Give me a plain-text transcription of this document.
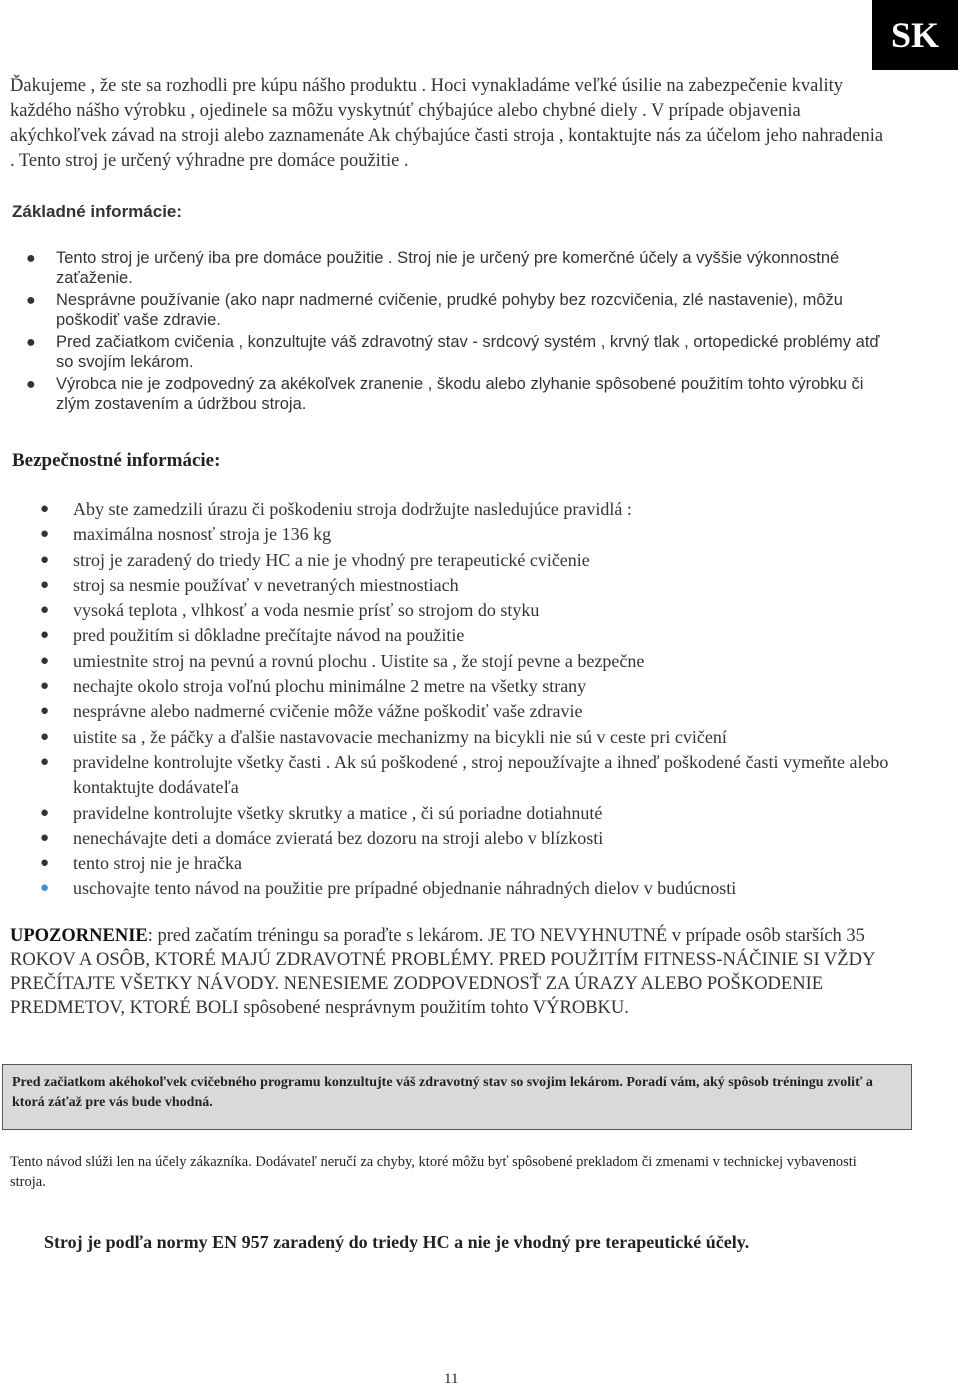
SK

Ďakujeme , že ste sa rozhodli pre kúpu nášho produktu . Hoci vynakladáme veľké úsilie na zabezpečenie kvality každého nášho výrobku , ojedinele sa môžu vyskytnúť chýbajúce alebo chybné diely . V prípade objavenia akýchkoľvek závad na stroji alebo zaznamenáte Ak chýbajúce časti stroja , kontaktujte nás za účelom jeho nahradenia . Tento stroj je určený výhradne pre domáce použitie .

Základné informácie:
● Tento stroj je určený iba pre domáce použitie . Stroj nie je určený pre komerčné účely a vyššie výkonnostné zaťaženie.
● Nesprávne používanie (ako napr nadmerné cvičenie, prudké pohyby bez rozcvičenia, zlé nastavenie), môžu poškodiť vaše zdravie.
● Pred začiatkom cvičenia , konzultujte váš zdravotný stav - srdcový systém , krvný tlak , ortopedické problémy atď so svojím lekárom.
● Výrobca nie je zodpovedný za akékoľvek zranenie , škodu alebo zlyhanie spôsobené použitím tohto výrobku či zlým zostavením a údržbou stroja.
Bezpečnostné informácie:
● Aby ste zamedzili úrazu či poškodeniu stroja dodržujte nasledujúce pravidlá :
● maximálna nosnosť stroja je 136 kg
● stroj je zaradený do triedy HC a nie je vhodný pre terapeutické cvičenie
● stroj sa nesmie používať v nevetraných miestnostiach
● vysoká teplota , vlhkosť a voda nesmie prísť so strojom do styku
● pred použitím si dôkladne prečítajte návod na použitie
● umiestnite stroj na pevnú a rovnú plochu . Uistite sa , že stojí pevne a bezpečne
● nechajte okolo stroja voľnú plochu minimálne 2 metre na všetky strany
● nesprávne alebo nadmerné cvičenie môže vážne poškodiť vaše zdravie
● uistite sa , že páčky a ďalšie nastavovacie mechanizmy na bicykli nie sú v ceste pri cvičení
● pravidelne kontrolujte všetky časti . Ak sú poškodené , stroj nepoužívajte a ihneď poškodené časti vymeňte alebo kontaktujte dodávateľa
● pravidelne kontrolujte všetky skrutky a matice , či sú poriadne dotiahnuté
● nenechávajte deti a domáce zvieratá bez dozoru na stroji alebo v blízkosti
● tento stroj nie je hračka
● uschovajte tento návod na použitie pre prípadné objednanie náhradných dielov v budúcnosti

UPOZORNENIE: pred začatím tréningu sa poraďte s lekárom. JE TO NEVYHNUTNÉ v prípade osôb starších 35 ROKOV A OSÔB, KTORÉ MAJÚ ZDRAVOTNÉ PROBLÉMY. PRED POUŽITÍM FITNESS-NÁČINIE SI VŽDY PREČÍTAJTE VŠETKY NÁVODY. NENESIEME ZODPOVEDNOSŤ ZA ÚRAZY ALEBO POŠKODENIE PREDMETOV, KTORÉ BOLI spôsobené nesprávnym použitím tohto VÝROBKU.

Pred začiatkom akéhokoľvek cvičebného programu konzultujte váš zdravotný stav so svojim lekárom. Poradí vám, aký spôsob tréningu zvoliť a ktorá záťaž pre vás bude vhodná.

Tento návod slúži len na účely zákazníka. Dodávateľ neručí za chyby, ktoré môžu byť spôsobené prekladom či zmenami v technickej vybavenosti stroja.

Stroj je podľa normy EN 957 zaradený do triedy HC a nie je vhodný pre terapeutické účely.
11
